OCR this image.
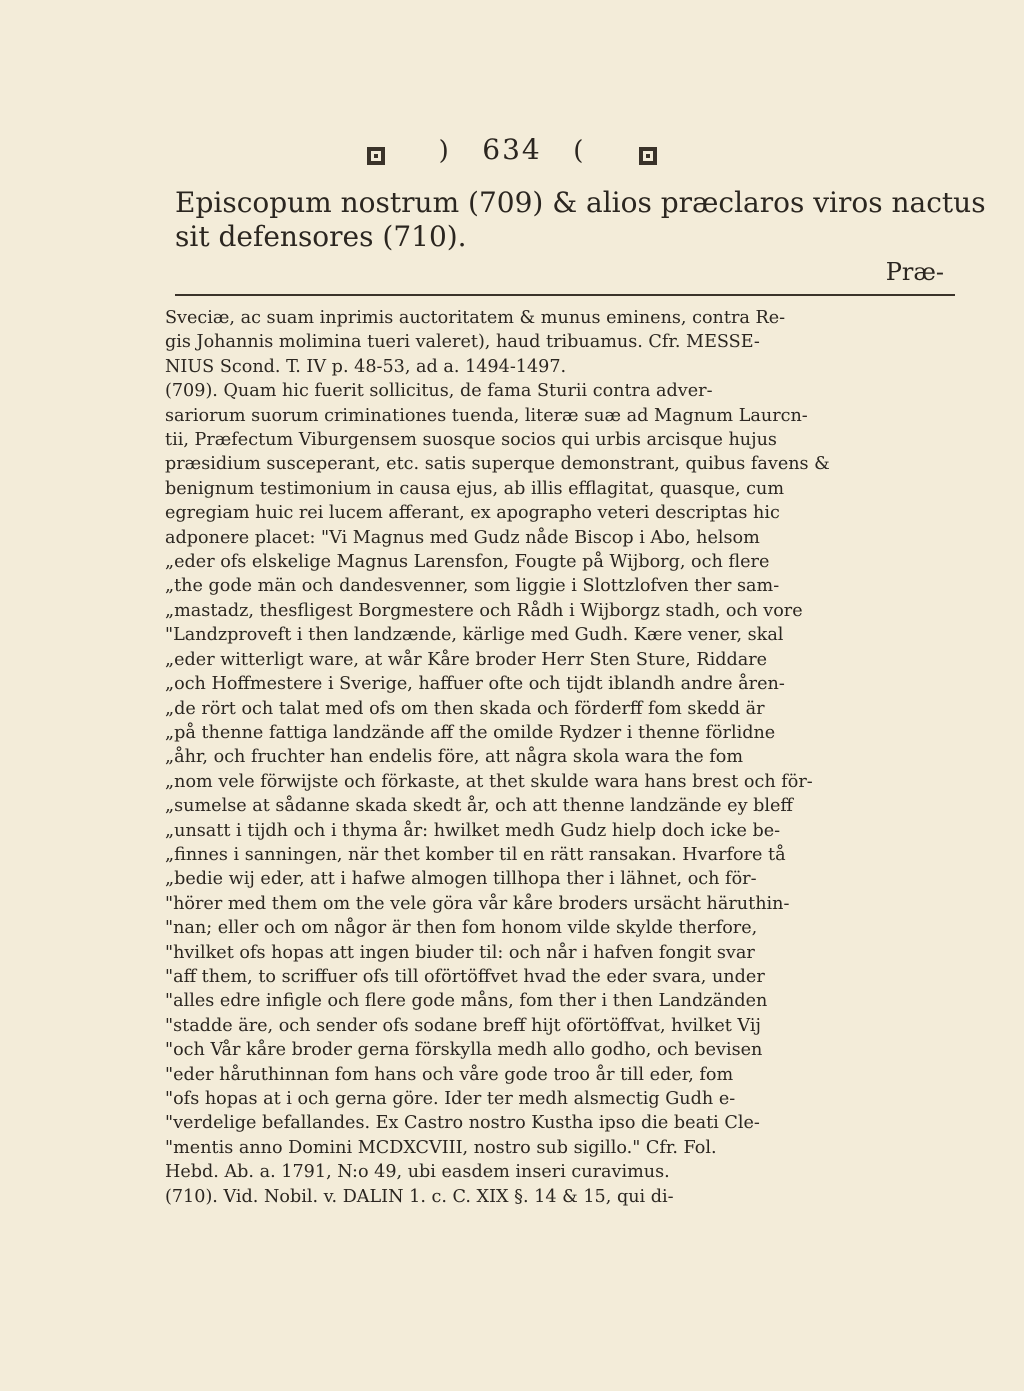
) 634 (
Episcopum nostrum (709) & alios præclaros viros nactus
sit defensores (710).
Præ-
Sveciæ, ac suam inprimis auctoritatem & munus eminens, contra Re-
gis Johannis molimina tueri valeret), haud tribuamus. Cfr. MESSE-
NIUS Scond. T. IV p. 48-53, ad a. 1494-1497.
(709). Quam hic fuerit sollicitus, de fama Sturii contra adver-
sariorum suorum criminationes tuenda, literæ suæ ad Magnum Laurcn-
tii, Præfectum Viburgensem suosque socios qui urbis arcisque hujus
præsidium susceperant, etc. satis superque demonstrant, quibus favens &
benignum testimonium in causa ejus, ab illis efflagitat, quasque, cum
egregiam huic rei lucem afferant, ex apographo veteri descriptas hic
adponere placet: "Vi Magnus med Gudz nåde Biscop i Abo, helsom
„eder ofs elskelige Magnus Larensfon, Fougte på Wijborg, och flere
„the gode män och dandesvenner, som liggie i Slottzlofven ther sam-
„mastadz, thesfligest Borgmestere och Rådh i Wijborgz stadh, och vore
"Landzproveft i then landzænde, kärlige med Gudh. Kære vener, skal
„eder witterligt ware, at wår Kåre broder Herr Sten Sture, Riddare
„och Hoffmestere i Sverige, haffuer ofte och tijdt iblandh andre åren-
„de rört och talat med ofs om then skada och förderff fom skedd är
„på thenne fattiga landzände aff the omilde Rydzer i thenne förlidne
„åhr, och fruchter han endelis före, att några skola wara the fom
„nom vele förwijste och förkaste, at thet skulde wara hans brest och för-
„sumelse at sådanne skada skedt år, och att thenne landzände ey bleff
„unsatt i tijdh och i thyma år: hwilket medh Gudz hielp doch icke be-
„finnes i sanningen, när thet komber til en rätt ransakan. Hvarfore tå
„bedie wij eder, att i hafwe almogen tillhopa ther i lähnet, och för-
"hörer med them om the vele göra vår kåre broders ursächt häruthin-
"nan; eller och om någor är then fom honom vilde skylde therfore,
"hvilket ofs hopas att ingen biuder til: och når i hafven fongit svar
"aff them, to scriffuer ofs till oförtöffvet hvad the eder svara, under
"alles edre infigle och flere gode måns, fom ther i then Landzänden
"stadde äre, och sender ofs sodane breff hijt oförtöffvat, hvilket Vij
"och Vår kåre broder gerna förskylla medh allo godho, och bevisen
"eder håruthinnan fom hans och våre gode troo år till eder, fom
"ofs hopas at i och gerna göre. Ider ter medh alsmectig Gudh e-
"verdelige befallandes. Ex Castro nostro Kustha ipso die beati Cle-
"mentis anno Domini MCDXCVIII, nostro sub sigillo." Cfr. Fol.
Hebd. Ab. a. 1791, N:o 49, ubi easdem inseri curavimus.
(710). Vid. Nobil. v. DALIN 1. c. C. XIX §. 14 & 15, qui di-
